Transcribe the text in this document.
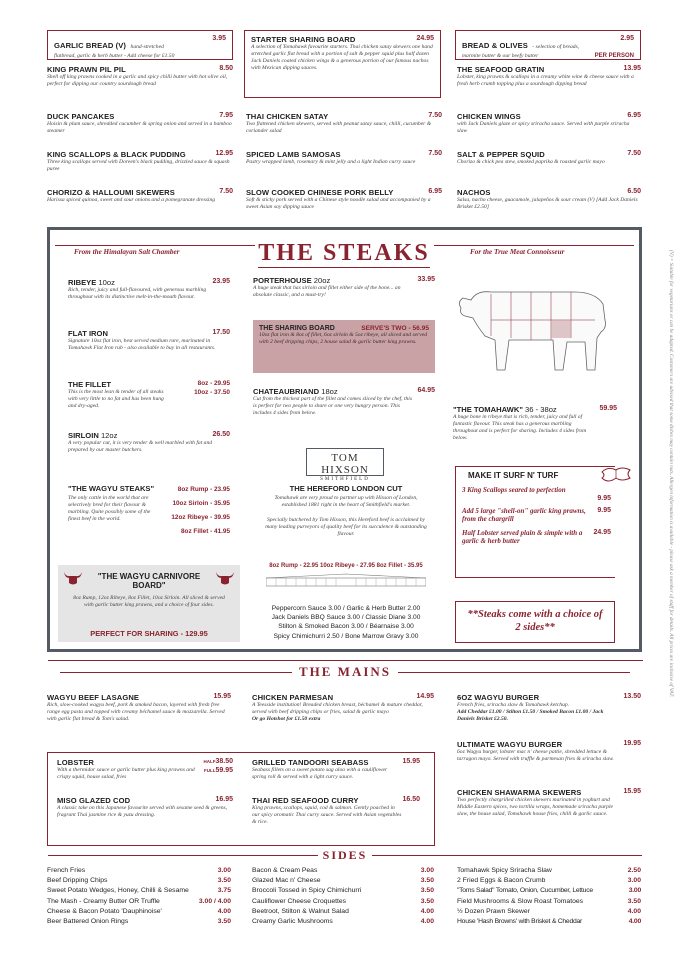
GARLIC BREAD (V) hand-stretched
3.95
flatbread, garlic & herb butter - Add cheese for £1.50
KING PRAWN PIL PIL	8.50
Shell off king prawns cooked in a garlic and spicy chilli butter with hot olive oil, perfect for dipping our country sourdough bread
DUCK PANCAKES	7.95
Hoisin & plum sauce, shredded cucumber & spring onion and served in a bamboo steamer
KING SCALLOPS & BLACK PUDDING	12.95
Three king scallops served with Doreen's black pudding, drizzled sauce & squash puree
CHORIZO & HALLOUMI SKEWERS	7.50
Harissa spiced quinoa, sweet and sour onions and a pomegranate dressing
STARTER SHARING BOARD	24.95
A selection of Tomahawk favourite starters. Thai chicken satay skewers one hand stretched garlic flat bread with a portion of salt & pepper squid plus half dozen Jack Daniels coated chicken wings & a generous portion of our famous nachos with Mexican dipping sauces.
THAI CHICKEN SATAY	7.50
Two flattened chicken skewers, served with peanut satay sauce, chilli, cucumber & coriander salad
SPICED LAMB SAMOSAS	7.50
Pastry wrapped lamb, rosemary & mint jelly and a light Indian curry sauce
SLOW COOKED CHINESE PORK BELLY	6.95
Soft & sticky pork served with a Chinese style noodle salad and accompanied by a sweet Asian soy dipping sauce
BREAD & OLIVES - selection of breads,
2.95
marmite butter & our beefy butter	PER PERSON
THE SEAFOOD GRATIN	13.95
Lobster, king prawns & scallops in a creamy white wine & cheese sauce with a fresh herb crumb topping plus a sourdough dipping bread
CHICKEN WINGS	6.95
with Jack Daniels glaze or spicy sriracha sauce. Served with purple sriracha slaw
SALT & PEPPER SQUID	7.50
Chorizo & chick pea stew, smoked paprika & roasted garlic mayo
NACHOS	6.50
Salsa, nacho cheese, guacamole, jalapeños & sour cream (V) [Add Jack Daniels Brisket £2.50]
From the Himalayan Salt Chamber	THE STEAKS	For the True Meat Connoisseur
RIBEYE 10oz	23.95
Rich, tender, juicy and full-flavoured, with generous marbling throughout with its distinctive melt-in-the-mouth flavour.
FLAT IRON	17.50
Signature 10oz flat iron, best served medium rare, marinated in Tomahawk Flat Iron rub - also available to buy in all restaurants.
THE FILLET	8oz - 29.95
This is the most lean & tender of all steaks with very little to no fat and has been hung and dry-aged.
10oz - 37.50
SIRLOIN 12oz	26.50
A very popular cut, it is very tender & well marbled with fat and prepared by our master butchers.
"THE WAGYU STEAKS"
The only cattle in the world that are selectively bred for their flavour & marbling. Quite possibly some of the finest beef in the world.
8oz Rump - 23.95
10oz Sirloin - 35.95
12oz Ribeye - 39.95
8oz Fillet - 41.95
"THE WAGYU CARNIVORE BOARD"
8oz Rump, 12oz Ribeye, 8oz Fillet, 10oz Sirloin. All sliced & served with garlic butter king prawns, and a choice of four sides.
PERFECT FOR SHARING - 129.95
PORTERHOUSE 20oz	33.95
A huge steak that has sirloin and fillet either side of the bone... an absolute classic, and a must-try!
THE SHARING BOARD	SERVE'S TWO - 56.95
10oz flat iron & 8oz of fillet, 6oz sirloin & 5oz ribeye, all sliced and served with 2 beef dripping chips, 2 house salad & garlic butter king prawns.
CHATEAUBRIAND 18oz	64.95
Cut from the thickest part of the fillet and comes sliced by the chef, this is perfect for two people to share or one very hungry person. This includes 4 sides from below.
TOM HIXSON
SMITHFIELD
THE HEREFORD LONDON CUT
Tomahawk are very proud to partner up with Hixson of London, established 1881 right in the heart of Smithfield's market.
Specially butchered by Tom Hixson, this Hereford beef is acclaimed by many leading purveyors of quality beef for its succulence & outstanding flavour.
8oz Rump - 22.95 10oz Ribeye - 27.95 8oz Fillet - 35.95
Peppercorn Sauce 3.00 / Garlic & Herb Butter 2.00
Jack Daniels BBQ Sauce 3.00 / Classic Diane 3.00
Stilton & Smoked Bacon 3.00 / Béarnaise 3.00
Spicy Chimichurri 2.50 / Bone Marrow Gravy 3.00
"THE TOMAHAWK" 36 - 38oz	59.95
A huge bone in ribeye that is rich, tender, juicy and full of fantastic flavour. This steak has a generous marbling throughout and is perfect for sharing. Includes 4 sides from below.
MAKE IT SURF N' TURF
3 King Scallops seared to perfection
9.95
Add 5 large "shell-on" garlic king prawns, from the chargrill
9.95
Half Lobster served plain & simple with a garlic & herb butter
24.95
**Steaks come with a choice of 2 sides**
THE MAINS
WAGYU BEEF LASAGNE	15.95
Rich, slow-cooked wagyu beef, pork & smoked bacon, layered with fresh free range egg pasta and topped with creamy béchamel sauce & mozzarella. Served with garlic flat bread & Tom's salad.
LOBSTER	HALF38.50
With a thermidor sauce or garlic butter plus king prawns and crispy squid, house salad, fries
FULL59.95
MISO GLAZED COD	16.95
A classic take on this Japanese favourite served with sesame seed & greens, fragrant Thai jasmine rice & yuzu dressing.
CHICKEN PARMESAN	14.95
A Teesside institution! Breaded chicken breast, béchamel & mature cheddar, served with beef dripping chips or fries, salad & garlic mayo
Or go Hotshot for £1.50 extra
GRILLED TANDOORI SEABASS	15.95
Seabass fillets on a sweet potato sag aloo with a cauliflower spring roll & served with a light curry sauce.
THAI RED SEAFOOD CURRY	16.50
King prawns, scallops, squid, cod & salmon. Gently poached in our spicy aromatic Thai curry sauce. Served with Asian vegetables & rice.
6OZ WAGYU BURGER	13.50
French fries, sriracha slaw & Tomahawk ketchup.
Add Cheddar £1.00 / Stilton £1.50 / Smoked Bacon £1.00 / Jack Daniels Brisket £2.50.
ULTIMATE WAGYU BURGER	19.95
6oz Wagyu burger, lobster mac n' cheese pattie, shredded lettuce & tarragon mayo. Served with truffle & parmesan fries & sriracha slaw.
CHICKEN SHAWARMA SKEWERS	15.95
Two perfectly chargrilled chicken skewers marinated in yoghurt and Middle Eastern spices, two tortilla wraps, homemade sriracha purple slaw, the house salad, Tomahawk house fries, chilli & garlic sauce.
SIDES
French Fries	3.00
Beef Dripping Chips	3.50
Sweet Potato Wedges, Honey, Chilli & Sesame	3.75
The Mash - Creamy Butter OR Truffle	3.00 / 4.00
Cheese & Bacon Potato 'Dauphinoise'	4.00
Beer Battered Onion Rings	3.50
Bacon & Cream Peas	3.00
Glazed Mac n' Cheese	3.50
Broccoli Tossed in Spicy Chimichurri	3.50
Cauliflower Cheese Croquettes	3.50
Beetroot, Stilton & Walnut Salad	4.00
Creamy Garlic Mushrooms	4.00
Tomahawk Spicy Sriracha Slaw	2.50
2 Fried Eggs & Bacon Crumb	3.00
"Toms Salad" Tomato, Onion, Cucumber, Lettuce	3.00
Field Mushrooms & Slow Roast Tomatoes	3.50
½ Dozen Prawn Skewer	4.00
House 'Hash Browns' with Brisket & Cheddar	4.00
(V) = Suitable for vegetarians or can be adapted. Customers are advised that some dishes may contain nuts. Allergen information is available - please ask a member of staff for details. All prices are inclusive of VAT.
